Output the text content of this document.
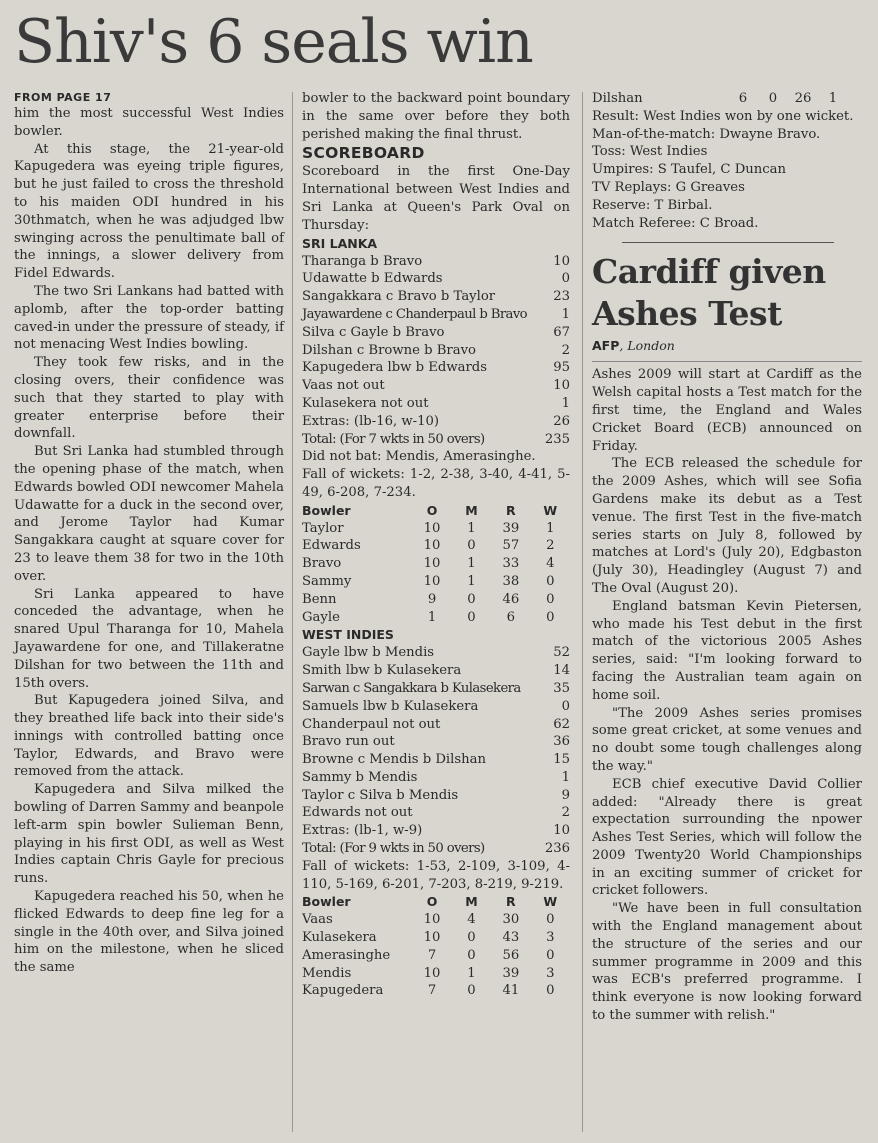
Shiv's 6 seals win
FROM PAGE 17

him the most successful West Indies bowler.

At this stage, the 21-year-old Kapugedera was eyeing triple figures, but he just failed to cross the threshold to his maiden ODI hundred in his 30thmatch, when he was adjudged lbw swinging across the penultimate ball of the innings, a slower delivery from Fidel Edwards.

The two Sri Lankans had batted with aplomb, after the top-order batting caved-in under the pressure of steady, if not menacing West Indies bowling.

They took few risks, and in the closing overs, their confidence was such that they started to play with greater enterprise before their downfall.

But Sri Lanka had stumbled through the opening phase of the match, when Edwards bowled ODI newcomer Mahela Udawatte for a duck in the second over, and Jerome Taylor had Kumar Sangakkara caught at square cover for 23 to leave them 38 for two in the 10th over.

Sri Lanka appeared to have conceded the advantage, when he snared Upul Tharanga for 10, Mahela Jayawardene for one, and Tillakeratne Dilshan for two between the 11th and 15th overs.

But Kapugedera joined Silva, and they breathed life back into their side's innings with controlled batting once Taylor, Edwards, and Bravo were removed from the attack.

Kapugedera and Silva milked the bowling of Darren Sammy and beanpole left-arm spin bowler Sulieman Benn, playing in his first ODI, as well as West Indies captain Chris Gayle for precious runs.

Kapugedera reached his 50, when he flicked Edwards to deep fine leg for a single in the 40th over, and Silva joined him on the milestone, when he sliced the same

bowler to the backward point boundary in the same over before they both perished making the final thrust.

SCOREBOARD

Scoreboard in the first One-Day International between West Indies and Sri Lanka at Queen's Park Oval on Thursday:

SRI LANKA
Tharanga b Bravo	10
Udawatte b Edwards	0
Sangakkara c Bravo b Taylor	23
Jayawardene c Chanderpaul b Bravo	1
Silva c Gayle b Bravo	67
Dilshan c Browne b Bravo	2
Kapugedera lbw b Edwards	95
Vaas not out	10
Kulasekera not out	1
Extras: (lb-16, w-10)	26
Total: (For 7 wkts in 50 overs)	235
Did not bat: Mendis, Amerasinghe.

Fall of wickets: 1-2, 2-38, 3-40, 4-41, 5-49, 6-208, 7-234.

Bowler	O	M	R	W
Taylor	10	1	39	1
Edwards	10	0	57	2
Bravo	10	1	33	4
Sammy	10	1	38	0
Benn	9	0	46	0
Gayle	1	0	6	0
WEST INDIES
Gayle lbw b Mendis	52
Smith lbw b Kulasekera	14
Sarwan c Sangakkara b Kulasekera 35
Samuels lbw b Kulasekera	0
Chanderpaul not out	62
Bravo run out	36
Browne c Mendis b Dilshan	15
Sammy b Mendis	1
Taylor c Silva b Mendis	9
Edwards not out	2
Extras: (lb-1, w-9)	10
Total: (For 9 wkts in 50 overs)	236

Fall of wickets: 1-53, 2-109, 3-109, 4-110, 5-169, 6-201, 7-203, 8-219, 9-219.

Bowler	O	M	R	W
Vaas	10	4	30	0
Kulasekera	10	0	43	3
Amerasinghe	7	0	56	0
Mendis	10	1	39	3
Kapugedera	7	0	41	0
Dilshan	6	0	26	1
Result: West Indies won by one wicket.
Man-of-the-match: Dwayne Bravo.
Toss: West Indies
Umpires: S Taufel, C Duncan
TV Replays: G Greaves
Reserve: T Birbal.
Match Referee: C Broad.
Cardiff given Ashes Test
AFP, London

Ashes 2009 will start at Cardiff as the Welsh capital hosts a Test match for the first time, the England and Wales Cricket Board (ECB) announced on Friday.

The ECB released the schedule for the 2009 Ashes, which will see Sofia Gardens make its debut as a Test venue. The first Test in the five-match series starts on July 8, followed by matches at Lord's (July 20), Edgbaston (July 30), Headingley (August 7) and The Oval (August 20).

England batsman Kevin Pietersen, who made his Test debut in the first match of the victorious 2005 Ashes series, said: "I'm looking forward to facing the Australian team again on home soil.

"The 2009 Ashes series promises some great cricket, at some venues and no doubt some tough challenges along the way."

ECB chief executive David Collier added: "Already there is great expectation surrounding the npower Ashes Test Series, which will follow the 2009 Twenty20 World Championships in an exciting summer of cricket for cricket followers.

"We have been in full consultation with the England management about the structure of the series and our summer programme in 2009 and this was ECB's preferred programme. I think everyone is now looking forward to the summer with relish."
